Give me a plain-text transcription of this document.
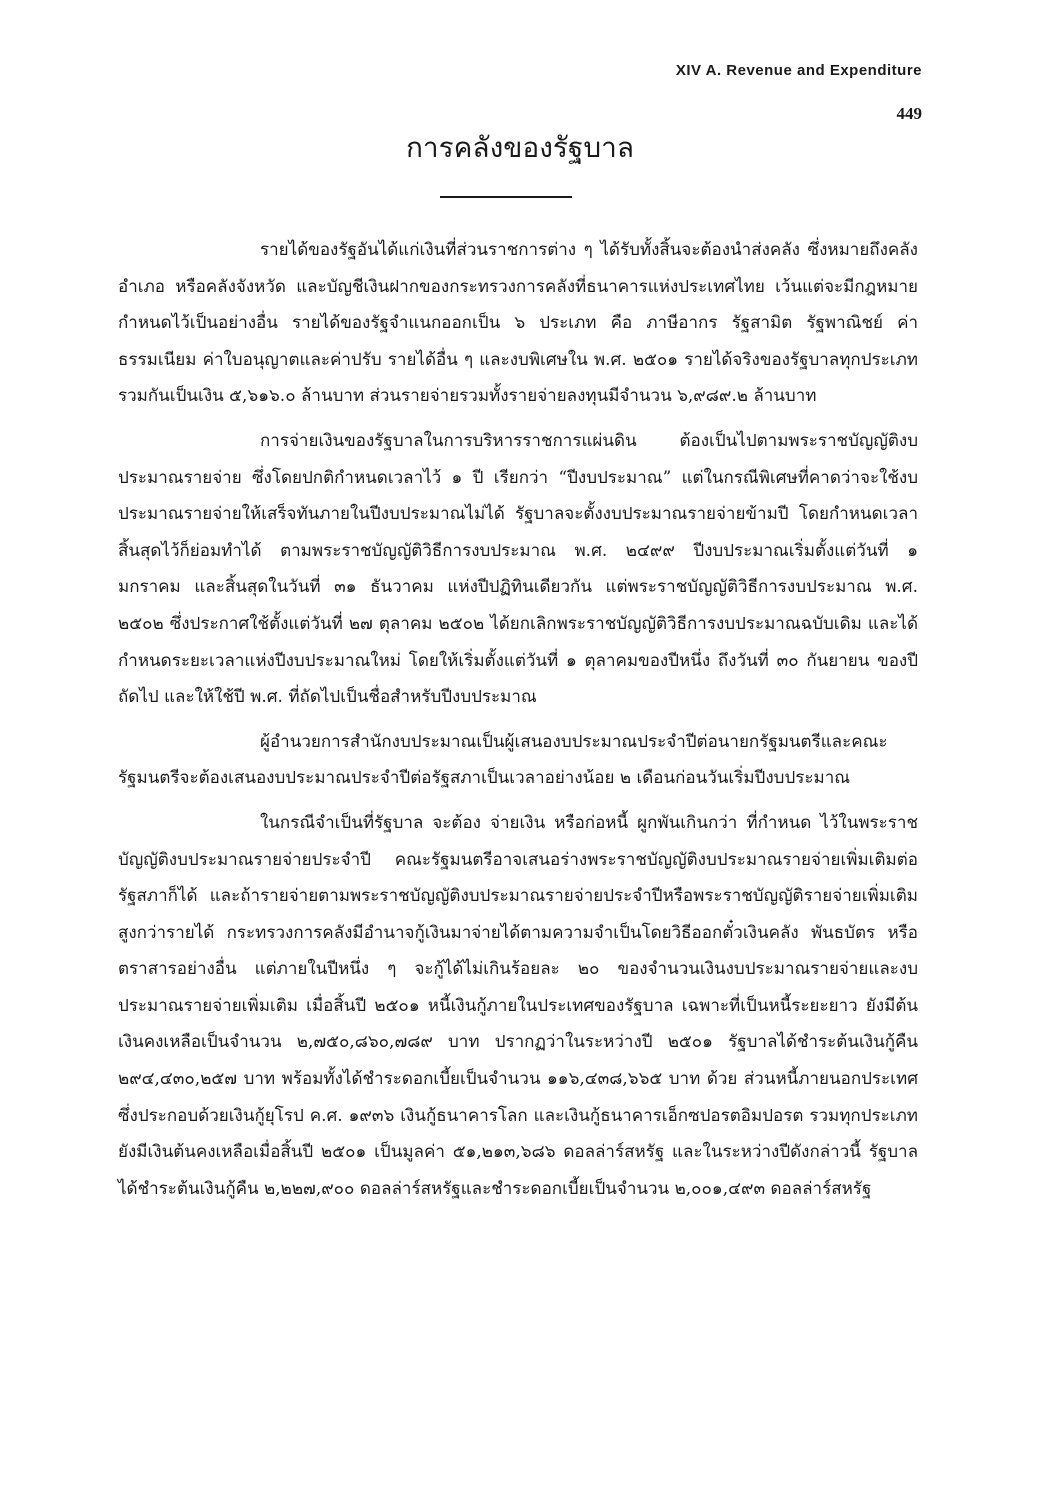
XIV A. Revenue and Expenditure
449
การคลังของรัฐบาล

รายได้ของรัฐอันได้แก่เงินที่ส่วนราชการต่าง ๆ ได้รับทั้งสิ้นจะต้องนำส่งคลัง ซึ่งหมายถึงคลังอำเภอ หรือคลังจังหวัด และบัญชีเงินฝากของกระทรวงการคลังที่ธนาคารแห่งประเทศไทย เว้นแต่จะมีกฎหมายกำหนดไว้เป็นอย่างอื่น รายได้ของรัฐจำแนกออกเป็น ๖ ประเภท คือ ภาษีอากร รัฐสามิต รัฐพาณิชย์ ค่าธรรมเนียม ค่าใบอนุญาตและค่าปรับ รายได้อื่น ๆ และงบพิเศษใน พ.ศ. ๒๕๐๑ รายได้จริงของรัฐบาลทุกประเภทรวมกันเป็นเงิน ๕,๖๑๖.๐ ล้านบาท ส่วนรายจ่ายรวมทั้งรายจ่ายลงทุนมีจำนวน ๖,๙๘๙.๒ ล้านบาท

การจ่ายเงินของรัฐบาลในการบริหารราชการแผ่นดิน ต้องเป็นไปตามพระราชบัญญัติงบประมาณรายจ่าย ซึ่งโดยปกติกำหนดเวลาไว้ ๑ ปี เรียกว่า “ปีงบประมาณ” แต่ในกรณีพิเศษที่คาดว่าจะใช้งบประมาณรายจ่ายให้เสร็จทันภายในปีงบประมาณไม่ได้ รัฐบาลจะตั้งงบประมาณรายจ่ายข้ามปี โดยกำหนดเวลาสิ้นสุดไว้ก็ย่อมทำได้ ตามพระราชบัญญัติวิธีการงบประมาณ พ.ศ. ๒๔๙๙ ปีงบประมาณเริ่มตั้งแต่วันที่ ๑ มกราคม และสิ้นสุดในวันที่ ๓๑ ธันวาคม แห่งปีปฏิทินเดียวกัน แต่พระราชบัญญัติวิธีการงบประมาณ พ.ศ. ๒๕๐๒ ซึ่งประกาศใช้ตั้งแต่วันที่ ๒๗ ตุลาคม ๒๕๐๒ ได้ยกเลิกพระราชบัญญัติวิธีการงบประมาณฉบับเดิม และได้กำหนดระยะเวลาแห่งปีงบประมาณใหม่ โดยให้เริ่มตั้งแต่วันที่ ๑ ตุลาคมของปีหนึ่ง ถึงวันที่ ๓๐ กันยายน ของปีถัดไป และให้ใช้ปี พ.ศ. ที่ถัดไปเป็นชื่อสำหรับปีงบประมาณ

ผู้อำนวยการสำนักงบประมาณเป็นผู้เสนองบประมาณประจำปีต่อนายกรัฐมนตรีและคณะรัฐมนตรีจะต้องเสนองบประมาณประจำปีต่อรัฐสภาเป็นเวลาอย่างน้อย ๒ เดือนก่อนวันเริ่มปีงบประมาณ

ในกรณีจำเป็นที่รัฐบาล จะต้อง จ่ายเงิน หรือก่อหนี้ ผูกพันเกินกว่า ที่กำหนด ไว้ในพระราชบัญญัติงบประมาณรายจ่ายประจำปี คณะรัฐมนตรีอาจเสนอร่างพระราชบัญญัติงบประมาณรายจ่ายเพิ่มเติมต่อรัฐสภาก็ได้ และถ้ารายจ่ายตามพระราชบัญญัติงบประมาณรายจ่ายประจำปีหรือพระราชบัญญัติรายจ่ายเพิ่มเติมสูงกว่ารายได้ กระทรวงการคลังมีอำนาจกู้เงินมาจ่ายได้ตามความจำเป็นโดยวิธีออกตั๋วเงินคลัง พันธบัตร หรือตราสารอย่างอื่น แต่ภายในปีหนึ่ง ๆ จะกู้ได้ไม่เกินร้อยละ ๒๐ ของจำนวนเงินงบประมาณรายจ่ายและงบประมาณรายจ่ายเพิ่มเติม เมื่อสิ้นปี ๒๕๐๑ หนี้เงินกู้ภายในประเทศของรัฐบาล เฉพาะที่เป็นหนี้ระยะยาว ยังมีต้นเงินคงเหลือเป็นจำนวน ๒,๗๕๐,๘๖๐,๗๘๙ บาท ปรากฏว่าในระหว่างปี ๒๕๐๑ รัฐบาลได้ชำระต้นเงินกู้คืน ๒๙๔,๔๓๐,๒๕๗ บาท พร้อมทั้งได้ชำระดอกเบี้ยเป็นจำนวน ๑๑๖,๔๓๘,๖๖๕ บาท ด้วย ส่วนหนี้ภายนอกประเทศซึ่งประกอบด้วยเงินกู้ยุโรป ค.ศ. ๑๙๓๖ เงินกู้ธนาคารโลก และเงินกู้ธนาคารเอ็กซปอรตอิมปอรต รวมทุกประเภทยังมีเงินต้นคงเหลือเมื่อสิ้นปี ๒๕๐๑ เป็นมูลค่า ๕๑,๒๑๓,๖๘๖ ดอลล่าร์สหรัฐ และในระหว่างปีดังกล่าวนี้ รัฐบาลได้ชำระต้นเงินกู้คืน ๒,๒๒๗,๙๐๐ ดอลล่าร์สหรัฐและชำระดอกเบี้ยเป็นจำนวน ๒,๐๐๑,๔๙๓ ดอลล่าร์สหรัฐ
